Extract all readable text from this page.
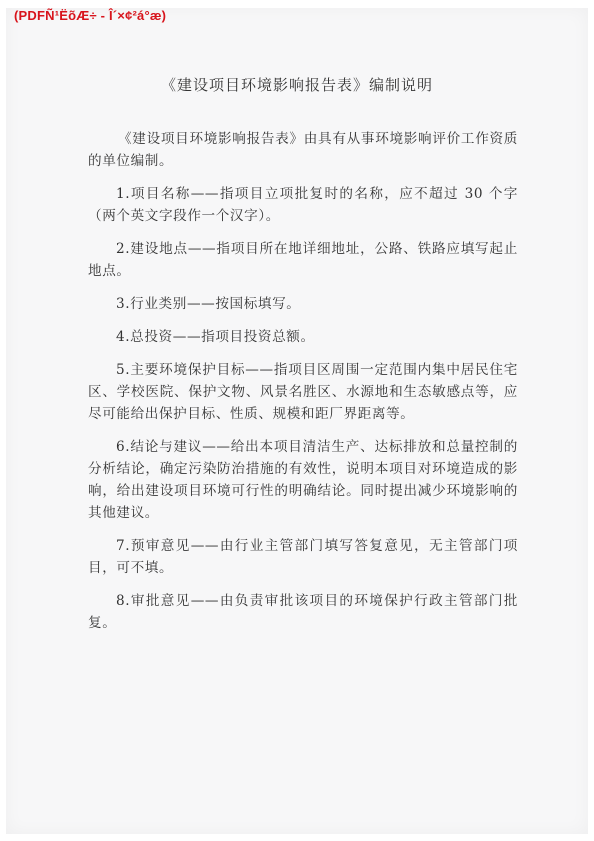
(PDFÑ¹ËõÆ÷ - Î´×¢²á°æ)
《建设项目环境影响报告表》编制说明

《建设项目环境影响报告表》由具有从事环境影响评价工作资质的单位编制。

1.项目名称——指项目立项批复时的名称，应不超过 30 个字（两个英文字段作一个汉字）。

2.建设地点——指项目所在地详细地址，公路、铁路应填写起止地点。

3.行业类别——按国标填写。

4.总投资——指项目投资总额。

5.主要环境保护目标——指项目区周围一定范围内集中居民住宅区、学校医院、保护文物、风景名胜区、水源地和生态敏感点等，应尽可能给出保护目标、性质、规模和距厂界距离等。

6.结论与建议——给出本项目清洁生产、达标排放和总量控制的分析结论，确定污染防治措施的有效性，说明本项目对环境造成的影响，给出建设项目环境可行性的明确结论。同时提出减少环境影响的其他建议。

7.预审意见——由行业主管部门填写答复意见，无主管部门项目，可不填。

8.审批意见——由负责审批该项目的环境保护行政主管部门批复。
